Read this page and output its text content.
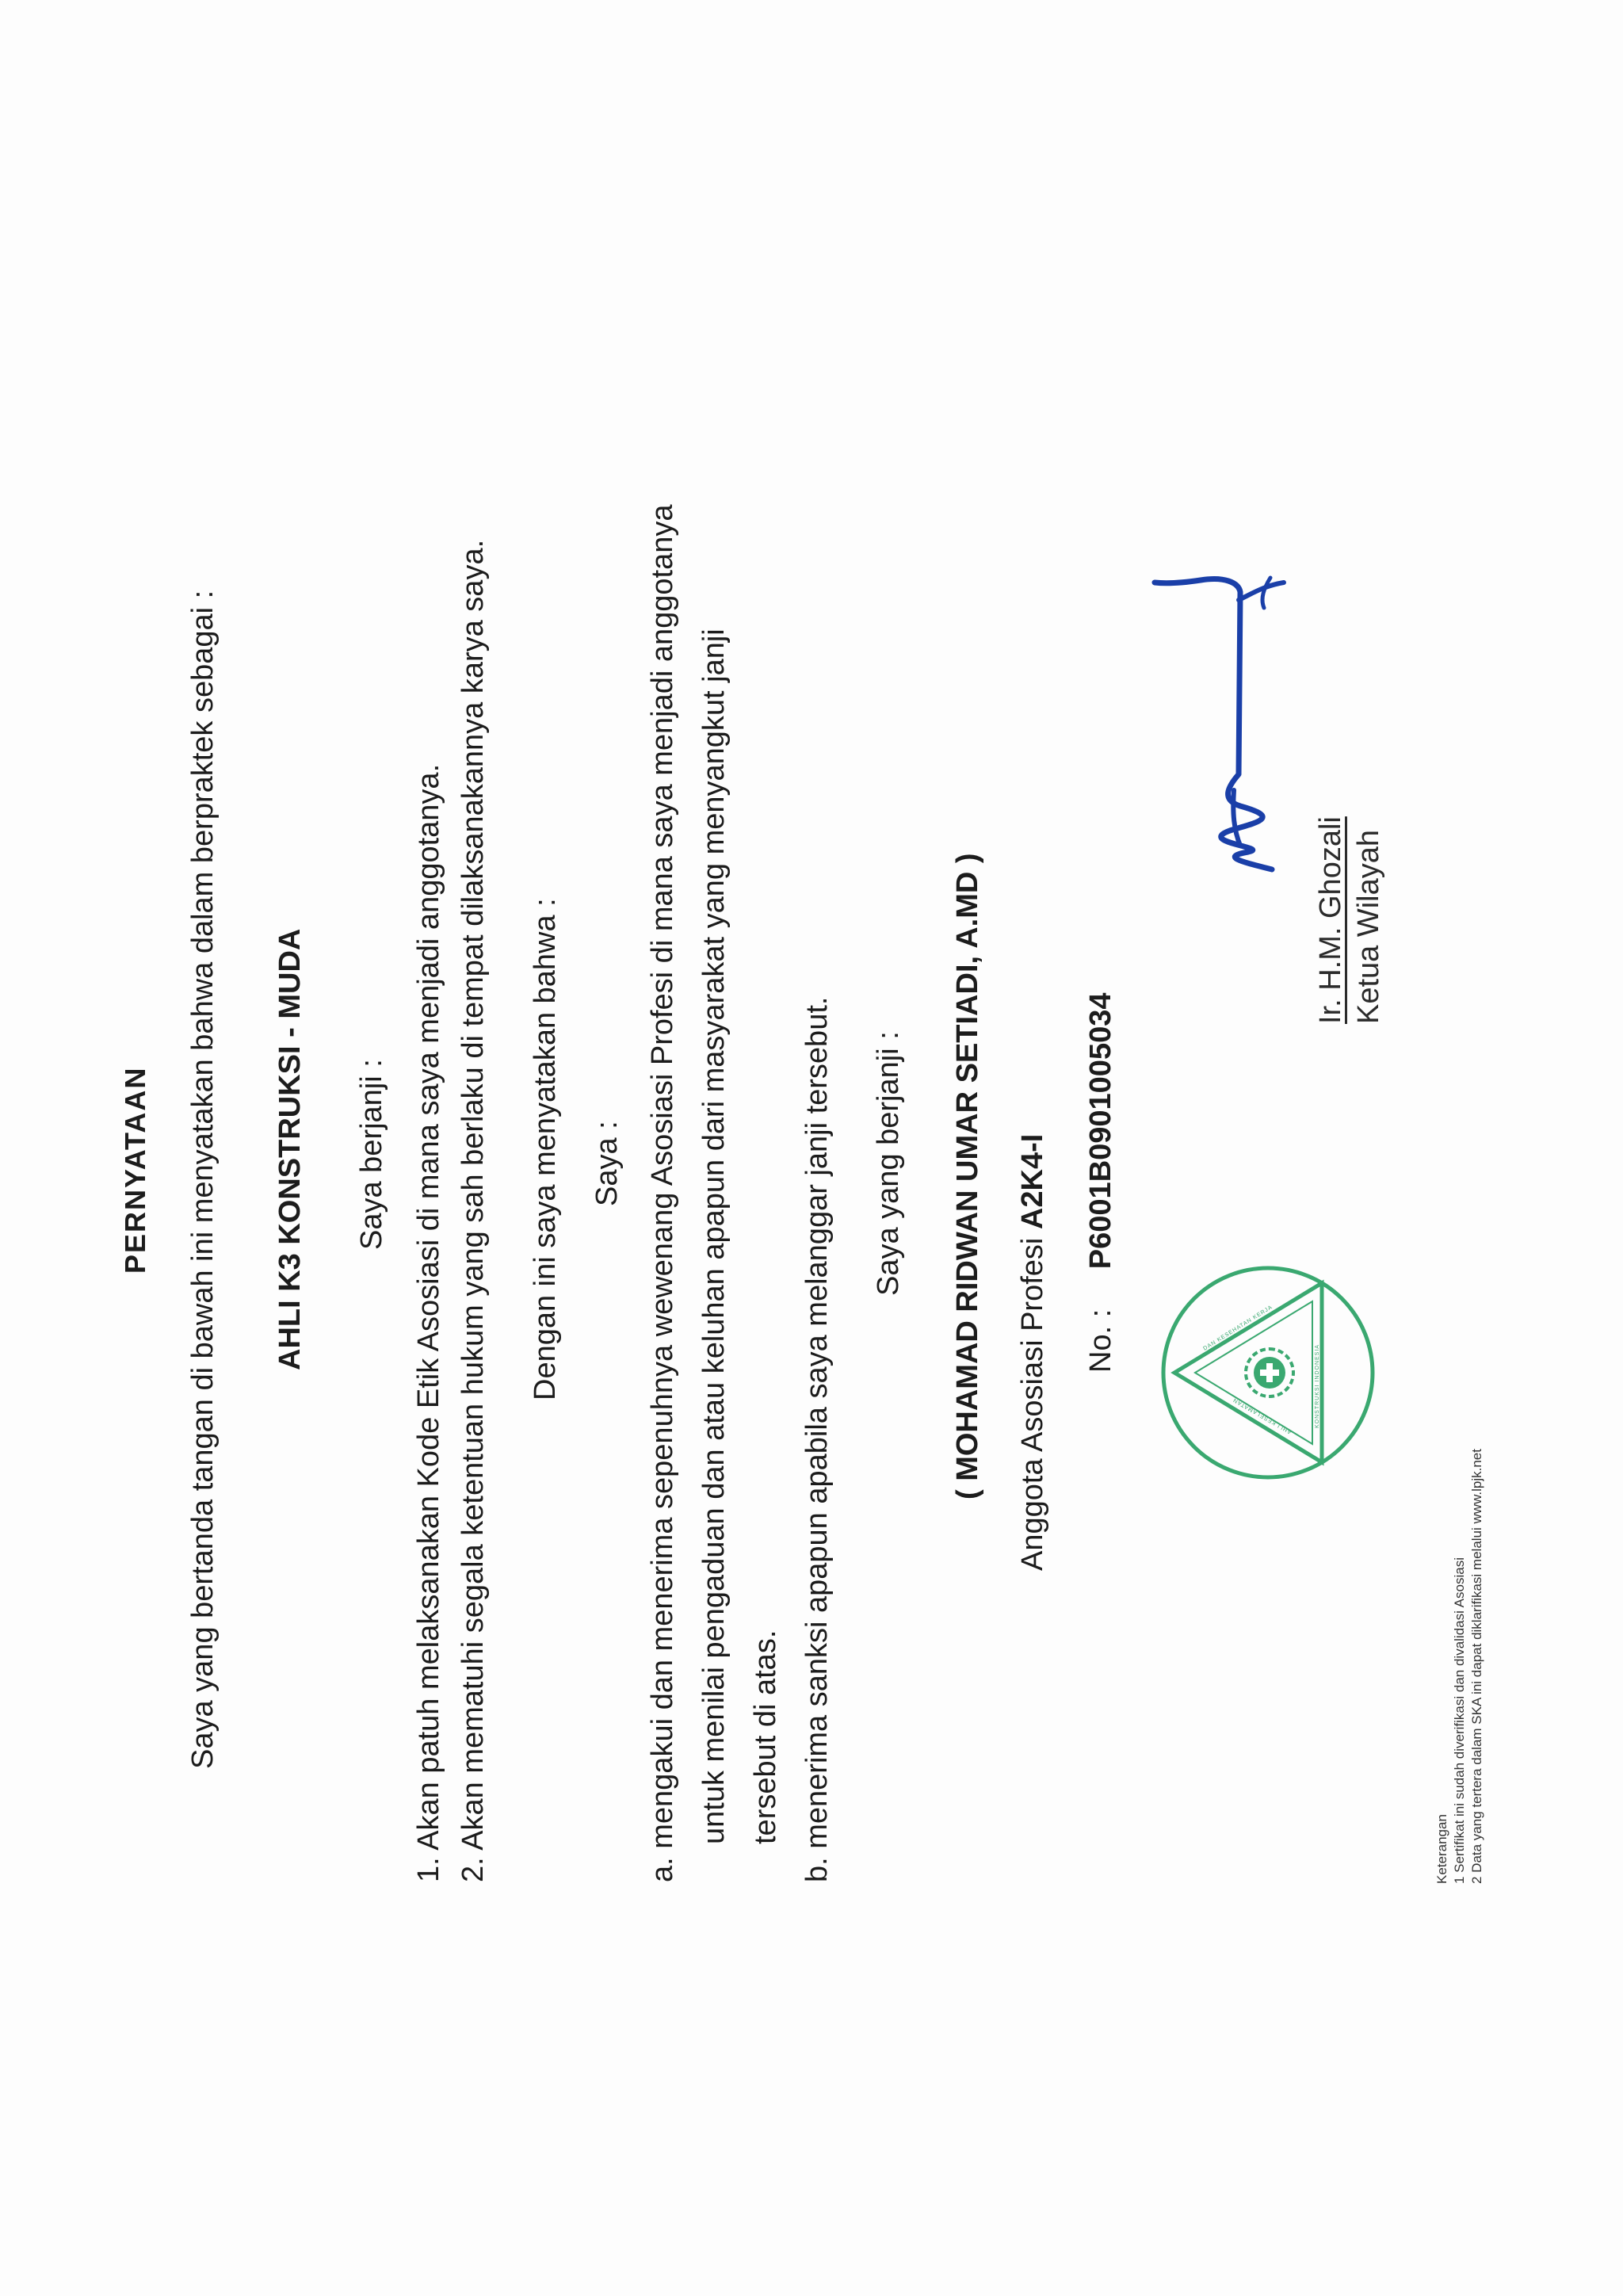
PERNYATAAN Saya yang bertanda tangan di bawah ini menyatakan bahwa dalam berpraktek sebagai : AHLI K3 KONSTRUKSI - MUDA Saya berjanji : 1. Akan patuh melaksanakan Kode Etik Asosiasi di mana saya menjadi anggotanya. 2. Akan mematuhi segala ketentuan hukum yang sah berlaku di tempat dilaksanakannya karya saya. Dengan ini saya menyatakan bahwa : Saya : a. mengakui dan menerima sepenuhnya wewenang Asosiasi Profesi di mana saya menjadi anggotanya untuk menilai pengaduan dan atau keluhan apapun dari masyarakat yang menyangkut janji tersebut di atas. b. menerima sanksi apapun apabila saya melanggar janji tersebut. Saya yang berjanji : ( MOHAMAD RIDWAN UMAR SETIADI, A.MD ) Anggota Asosiasi Profesi A2K4-I
No. : P6001B0901005034
DAN KESEHATAN KERJA
KONSTRUKSI INDONESIA
AHLI KESELAMATAN
Ir. H.M. Ghozali Ketua Wilayah
Keterangan 1 Sertifikat ini sudah diverifikasi dan divalidasi Asosiasi 2 Data yang tertera dalam SKA ini dapat diklarifikasi melalui www.lpjk.net
